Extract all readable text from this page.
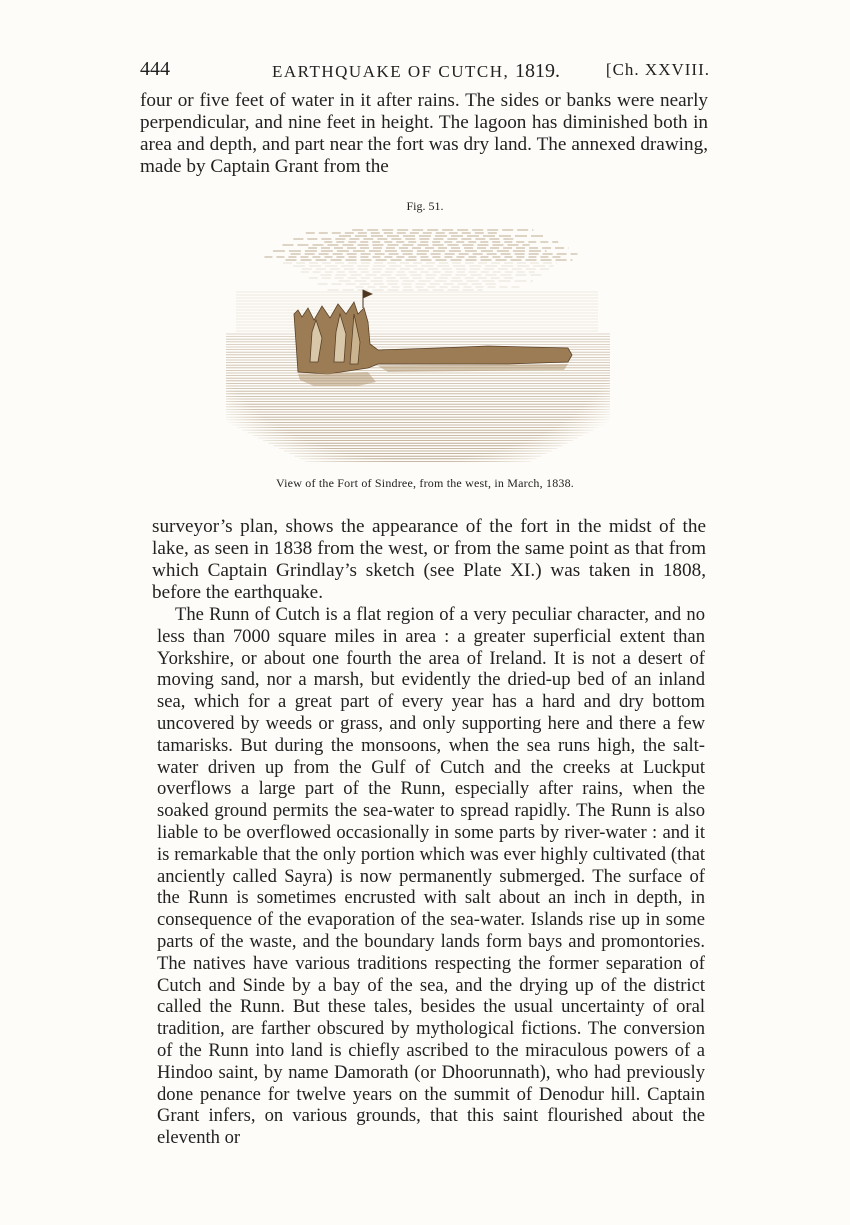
444	EARTHQUAKE OF CUTCH, 1819.	[Ch. XXVIII.

four or five feet of water in it after rains. The sides or banks were nearly perpendicular, and nine feet in height. The lagoon has diminished both in area and depth, and part near the fort was dry land. The annexed drawing, made by Captain Grant from the

Fig. 51.
View of the Fort of Sindree, from the west, in March, 1838.

surveyor’s plan, shows the appearance of the fort in the midst of the lake, as seen in 1838 from the west, or from the same point as that from which Captain Grindlay’s sketch (see Plate XI.) was taken in 1808, before the earthquake.

The Runn of Cutch is a flat region of a very peculiar character, and no less than 7000 square miles in area : a greater superficial extent than Yorkshire, or about one fourth the area of Ireland. It is not a desert of moving sand, nor a marsh, but evidently the dried-up bed of an inland sea, which for a great part of every year has a hard and dry bottom uncovered by weeds or grass, and only supporting here and there a few tamarisks. But during the monsoons, when the sea runs high, the salt-water driven up from the Gulf of Cutch and the creeks at Luckput overflows a large part of the Runn, especially after rains, when the soaked ground permits the sea-water to spread rapidly. The Runn is also liable to be overflowed occasionally in some parts by river-water : and it is remarkable that the only portion which was ever highly cultivated (that anciently called Sayra) is now permanently submerged. The surface of the Runn is sometimes encrusted with salt about an inch in depth, in consequence of the evaporation of the sea-water. Islands rise up in some parts of the waste, and the boundary lands form bays and promontories. The natives have various traditions respecting the former separation of Cutch and Sinde by a bay of the sea, and the drying up of the district called the Runn. But these tales, besides the usual uncertainty of oral tradition, are farther obscured by mythological fictions. The conversion of the Runn into land is chiefly ascribed to the miraculous powers of a Hindoo saint, by name Damorath (or Dhoorunnath), who had previously done penance for twelve years on the summit of Denodur hill. Captain Grant infers, on various grounds, that this saint flourished about the eleventh or
